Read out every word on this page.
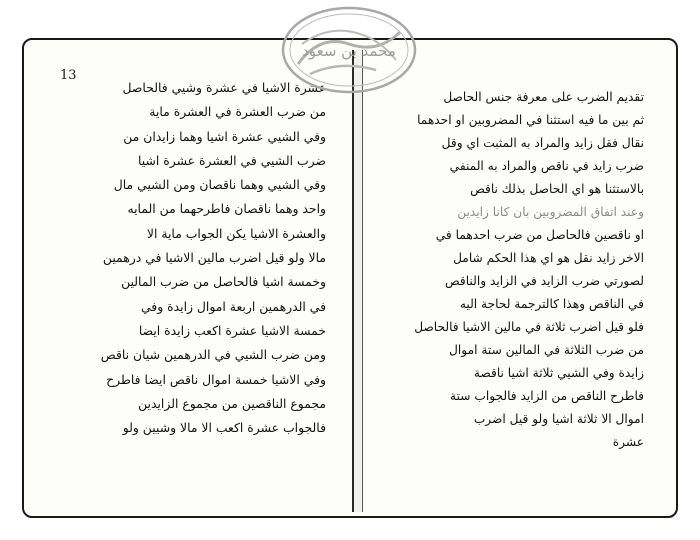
13
عشرة الاشيا في عشرة وشيي فالحاصل
من ضرب العشرة في العشرة ماية
وفي الشيي عشرة اشيا وهما زايدان من
ضرب الشيي في العشرة عشرة اشيا
وفي الشيي وهما ناقصان ومن الشيي مال
واحد وهما ناقصان فاطرحهما من المايه
والعشرة الاشيا يكن الجواب ماية الا
مالا ولو قيل اضرب مالين الاشيا في درهمين
وخمسة اشيا فالحاصل من ضرب المالين
في الدرهمين اربعة اموال زايدة وفي
خمسة الاشيا عشرة اكعب زايدة ايضا
ومن ضرب الشيي في الدرهمين شيان ناقص
وفي الاشيا خمسة اموال ناقص ايضا فاطرح
مجموع الناقصين من مجموع الزايدين
فالجواب عشرة اكعب الا مالا وشيين ولو
تقديم الضرب على معرفة جنس الحاصل
ثم بين ما فيه استثنا في المضروبين او احدهما
نقال فقل زايد والمراد به المثبت اي وقل
ضرب زايد في ناقص والمراد به المنفي
بالاستثنا هو اي الحاصل بذلك ناقص
وعند اتفاق المضروبين بان كانا زايدين
او ناقصين فالحاصل من ضرب احدهما في
الاخر زايد نقل هو اي هذا الحكم شامل
لصورتي ضرب الزايد في الزايد والناقص
في الناقص وهذا كالترجمة لحاجة اليه
فلو قيل اضرب ثلاثة في مالين الاشيا فالحاصل
من ضرب الثلاثة في المالين ستة اموال
زايدة وفي الشيي ثلاثة اشيا ناقصة
فاطرح الناقص من الزايد فالجواب ستة
اموال الا ثلاثة اشيا ولو قيل اضرب
عشرة
محمد بن سعود
